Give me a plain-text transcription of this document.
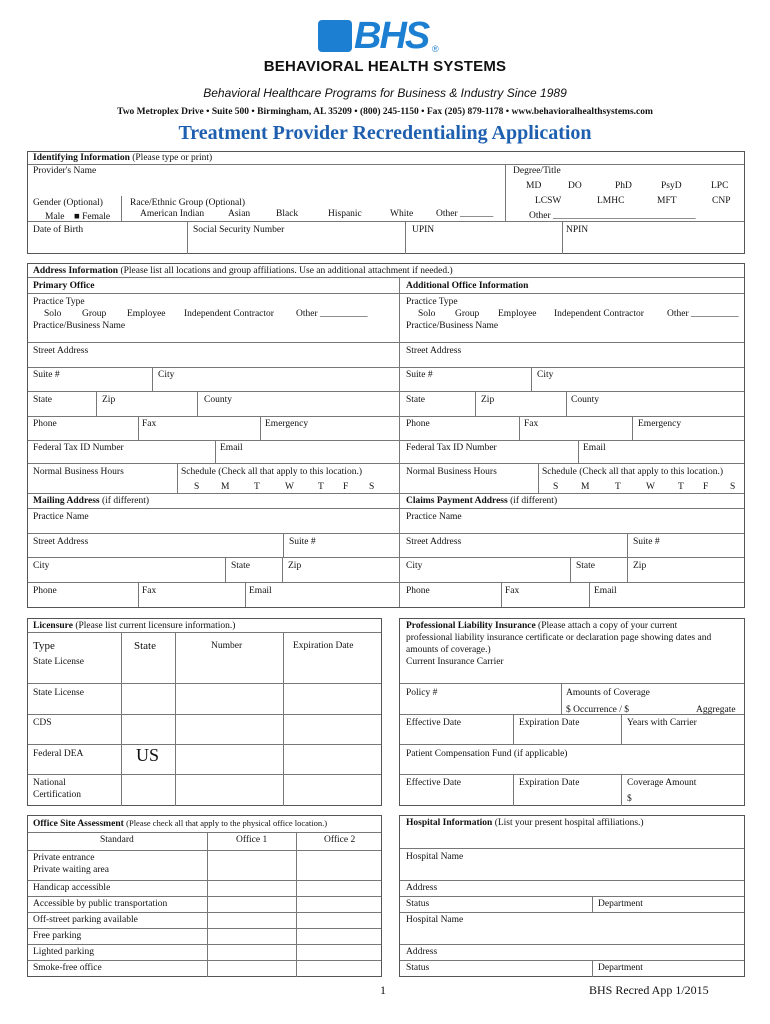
BHS ®
BEHAVIORAL HEALTH SYSTEMS
Behavioral Healthcare Programs for Business & Industry Since 1989
Two Metroplex Drive • Suite 500 • Birmingham, AL 35209 • (800) 245-1150 • Fax (205) 879-1178 • www.behavioralhealthsystems.com
Treatment Provider Recredentialing Application
Identifying Information (Please type or print)
Provider's Name	Degree/Title
MD	DO	PhD	PsyD	LPC
LCSW	LMHC	MFT	CNP
Other ______________________________
Gender (Optional)
Male ■ Female
Race/Ethnic Group (Optional)
American Indian	Asian	Black	Hispanic	White Other _______
Date of Birth	Social Security Number	UPIN	NPIN
Address Information (Please list all locations and group affiliations. Use an additional attachment if needed.)
Primary Office	Additional Office Information
Practice Type
Solo Group Employee Independent Contractor Other __________
Practice/Business Name
Street Address
Suite #	City
State	Zip	County
Phone	Fax	Emergency
Federal Tax ID Number	Email
Normal Business Hours	Schedule (Check all that apply to this location.)
S M	T	W	T F S
Mailing Address (if different)
Practice Name
Street Address	Suite #
City	State	Zip
Phone	Fax	Email
Practice Type
Solo Group Employee Independent Contractor Other __________
Practice/Business Name
Street Address
Suite #	City
State	Zip	County
Phone	Fax	Emergency
Federal Tax ID Number	Email
Normal Business Hours	Schedule (Check all that apply to this location.)
S M	T	W T F S
Claims Payment Address (if different)
Practice Name
Street Address	Suite #
City	State	Zip
Phone	Fax	Email
Licensure (Please list current licensure information.)
Type	State	Number	Expiration Date
State License
State License
CDS
Federal DEA	US
National
Certification
Professional Liability Insurance (Please attach a copy of your current
professional liability insurance certificate or declaration page showing dates and
amounts of coverage.)
Current Insurance Carrier
Policy #	Amounts of Coverage
$ Occurrence / $	Aggregate
Effective Date	Expiration Date	Years with Carrier
Patient Compensation Fund (if applicable)
Effective Date	Expiration Date	Coverage Amount
$
Office Site Assessment (Please check all that apply to the physical office location.)
Standard	Office 1	Office 2
Private entrance
Private waiting area
Handicap accessible
Accessible by public transportation
Off-street parking available
Free parking
Lighted parking
Smoke-free office
Hospital Information (List your present hospital affiliations.)
Hospital Name
Address
Status	Department
Hospital Name
Address
Status	Department
1	BHS Recred App 1/2015
